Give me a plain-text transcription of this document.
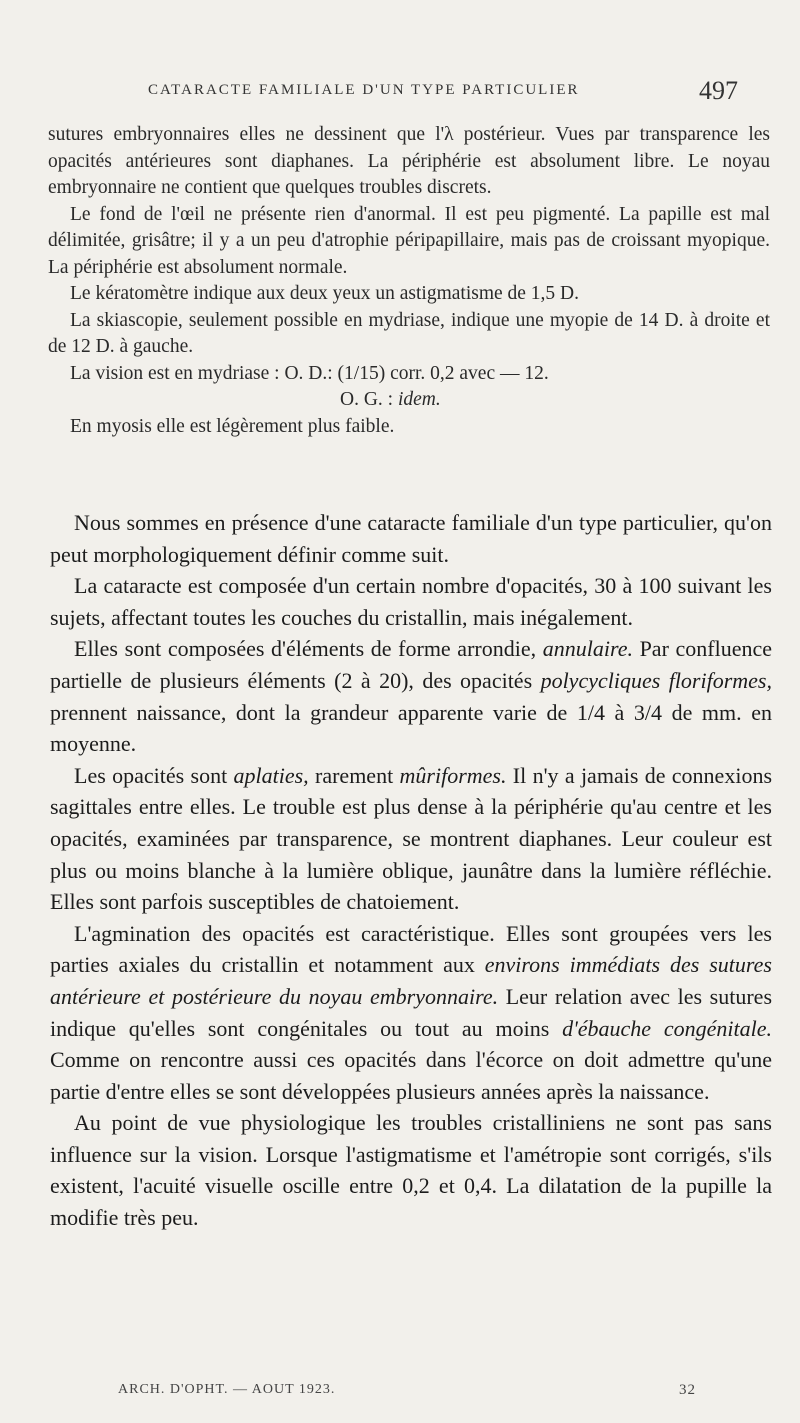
CATARACTE FAMILIALE D'UN TYPE PARTICULIER	497

sutures embryonnaires elles ne dessinent que l'λ postérieur. Vues par transparence les opacités antérieures sont diaphanes. La périphérie est absolument libre. Le noyau embryonnaire ne contient que quelques troubles discrets.

Le fond de l'œil ne présente rien d'anormal. Il est peu pigmenté. La papille est mal délimitée, grisâtre; il y a un peu d'atrophie péripapillaire, mais pas de croissant myopique. La périphérie est absolument normale.

Le kératomètre indique aux deux yeux un astigmatisme de 1,5 D.

La skiascopie, seulement possible en mydriase, indique une myopie de 14 D. à droite et de 12 D. à gauche.

La vision est en mydriase : O. D.: (1/15) corr. 0,2 avec — 12.

O. G. : idem.

En myosis elle est légèrement plus faible.

Nous sommes en présence d'une cataracte familiale d'un type particulier, qu'on peut morphologiquement définir comme suit.

La cataracte est composée d'un certain nombre d'opacités, 30 à 100 suivant les sujets, affectant toutes les couches du cristallin, mais inégalement.

Elles sont composées d'éléments de forme arrondie, annulaire. Par confluence partielle de plusieurs éléments (2 à 20), des opacités polycycliques floriformes, prennent naissance, dont la grandeur apparente varie de 1/4 à 3/4 de mm. en moyenne.

Les opacités sont aplaties, rarement mûriformes. Il n'y a jamais de connexions sagittales entre elles. Le trouble est plus dense à la périphérie qu'au centre et les opacités, examinées par transparence, se montrent diaphanes. Leur couleur est plus ou moins blanche à la lumière oblique, jaunâtre dans la lumière réfléchie. Elles sont parfois susceptibles de chatoiement.

L'agmination des opacités est caractéristique. Elles sont groupées vers les parties axiales du cristallin et notamment aux environs immédiats des sutures antérieure et postérieure du noyau embryonnaire. Leur relation avec les sutures indique qu'elles sont congénitales ou tout au moins d'ébauche congénitale. Comme on rencontre aussi ces opacités dans l'écorce on doit admettre qu'une partie d'entre elles se sont développées plusieurs années après la naissance.

Au point de vue physiologique les troubles cristalliniens ne sont pas sans influence sur la vision. Lorsque l'astigmatisme et l'amétropie sont corrigés, s'ils existent, l'acuité visuelle oscille entre 0,2 et 0,4. La dilatation de la pupille la modifie très peu.

ARCH. D'OPHT. — AOUT 1923.	32
